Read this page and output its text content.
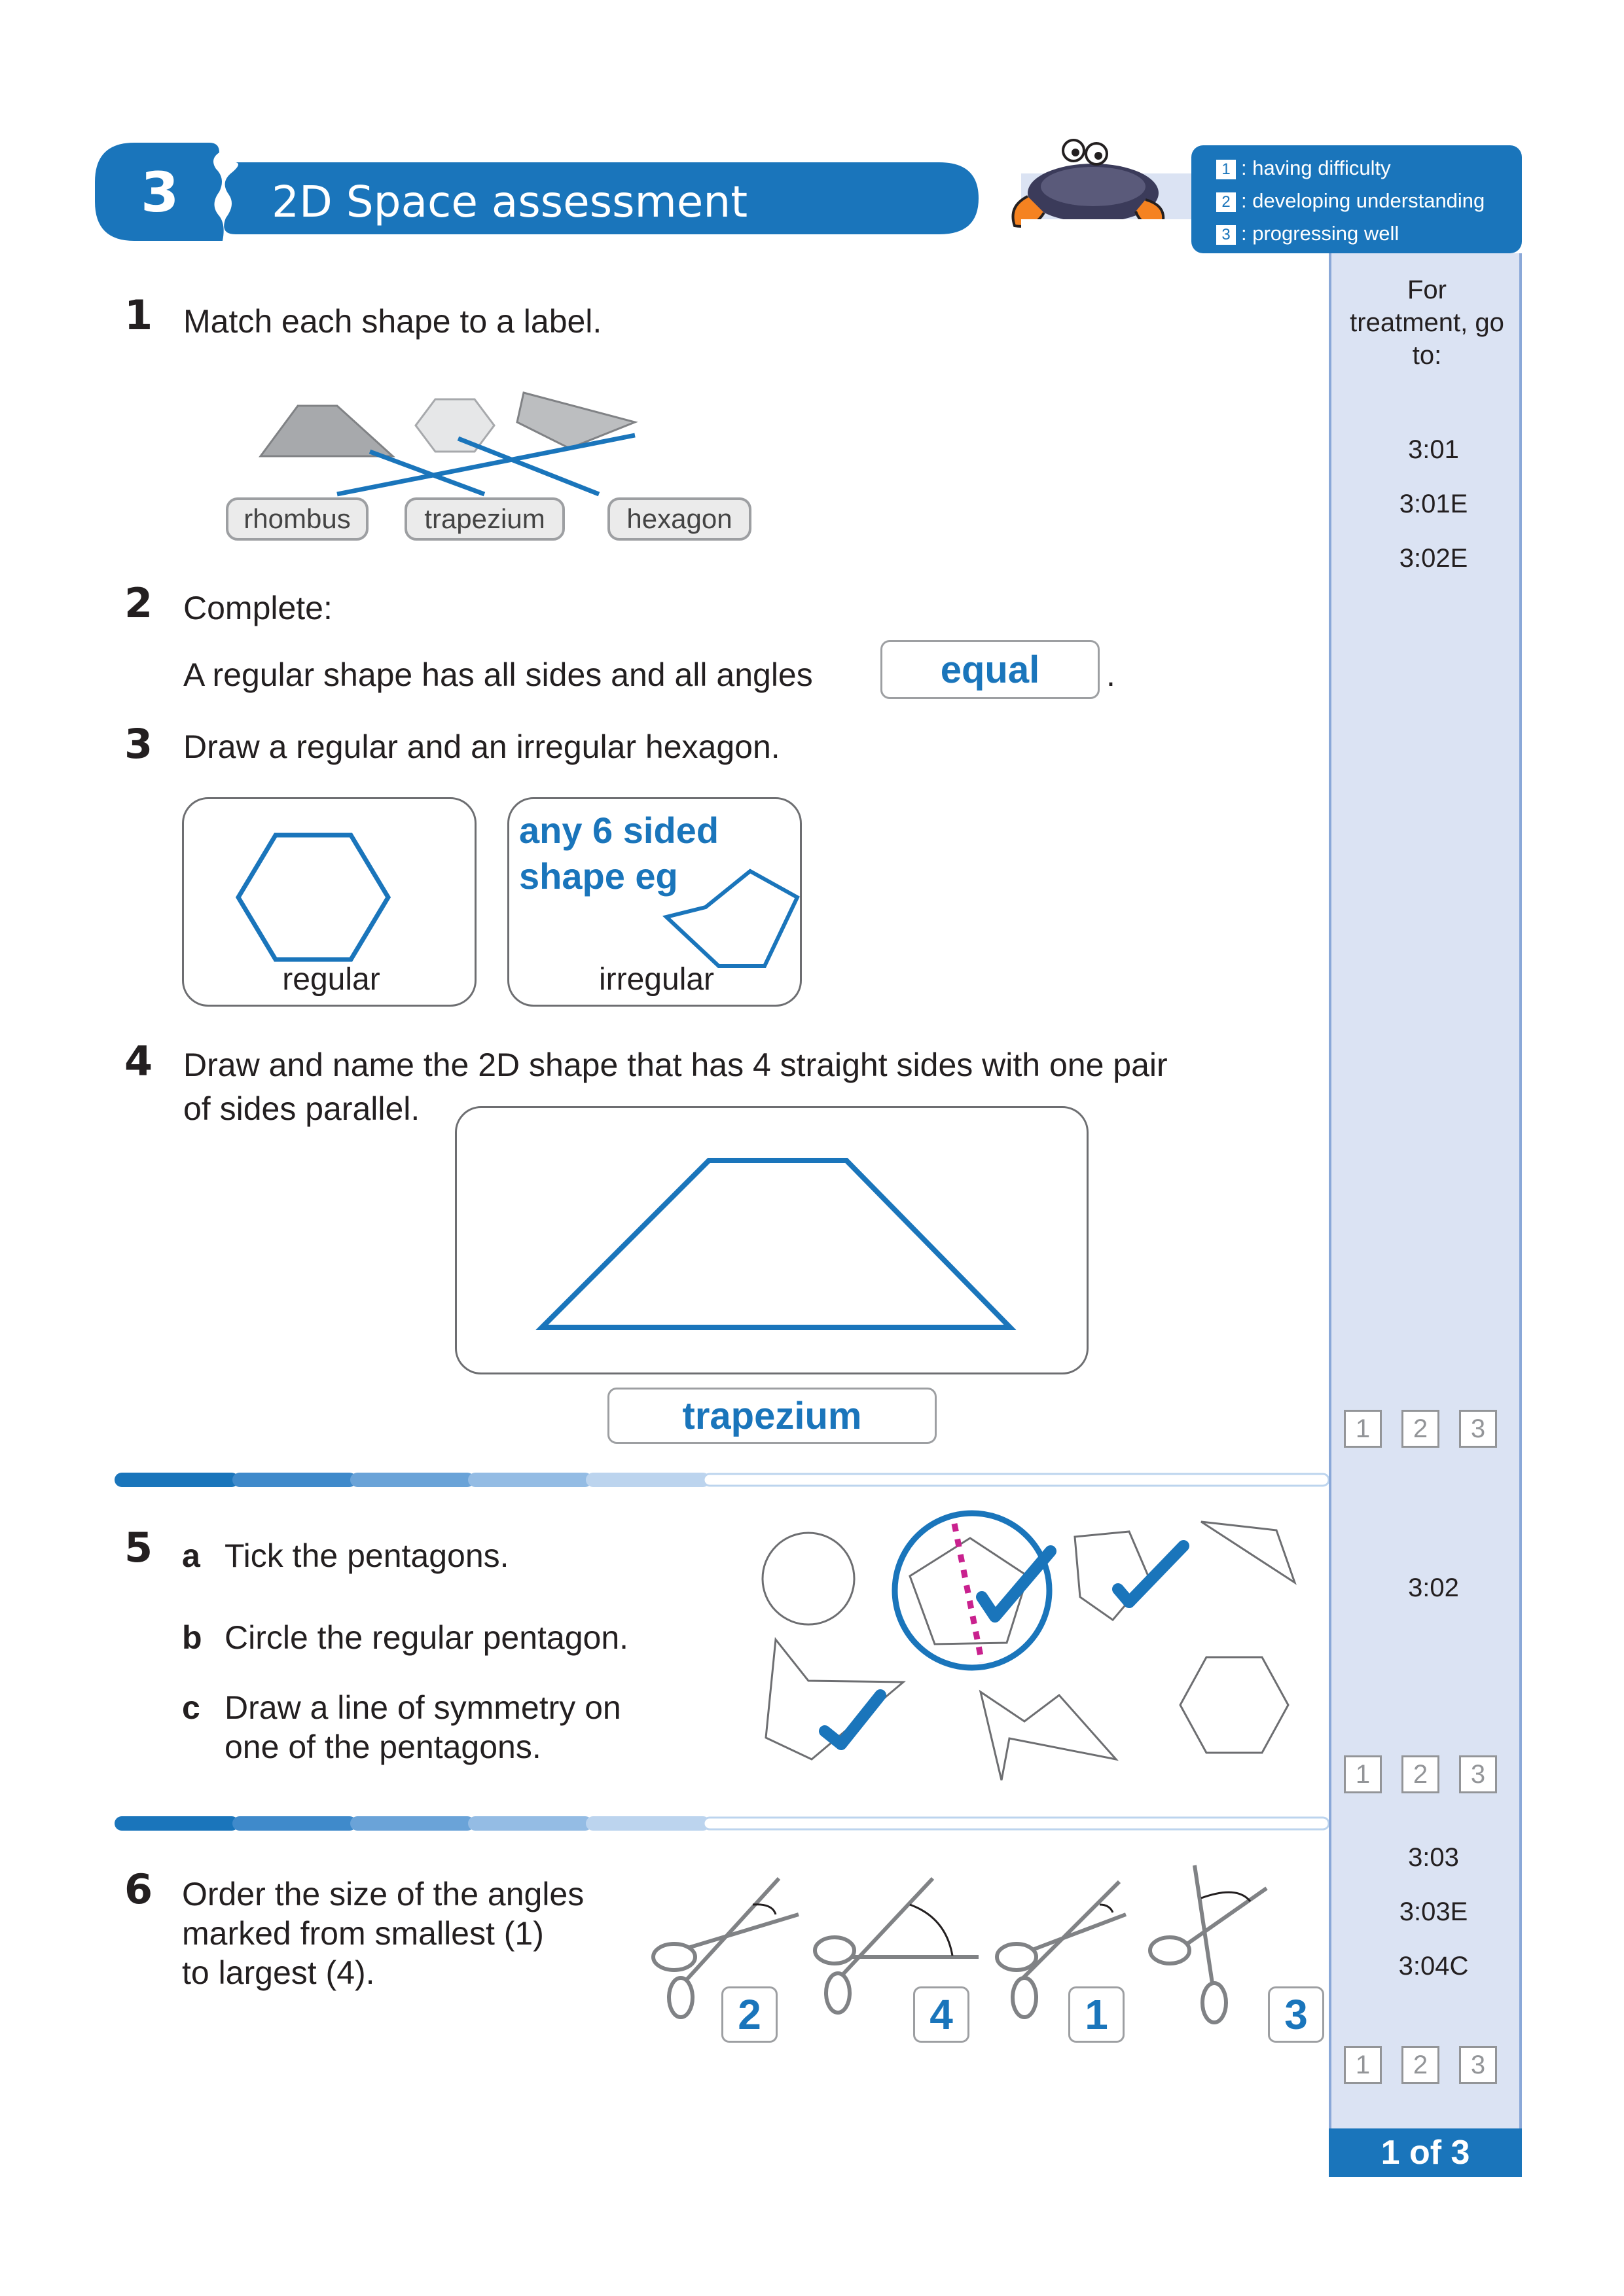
3 2D Space assessment
1 : having difficulty
2 : developing understanding
3 : progressing well
For treatment, go to:
3:01
3:01E
3:02E
1	2	3
3:02
1	2	3
3:03
3:03E
3:04C
1	2	3
1 of 3
1 Match each shape to a label.
rhombus	trapezium	hexagon
2 Complete:
A regular shape has all sides and all angles	equal	.
3 Draw a regular and an irregular hexagon.
regular
any 6 sided
shape eg
irregular
4 Draw and name the 2D shape that has 4 straight sides with one pair
of sides parallel.
trapezium
5 a Tick the pentagons.
b Circle the regular pentagon.
c Draw a line of symmetry on
one of the pentagons.
6 Order the size of the angles
marked from smallest (1)
to largest (4).
2	4	1	3
